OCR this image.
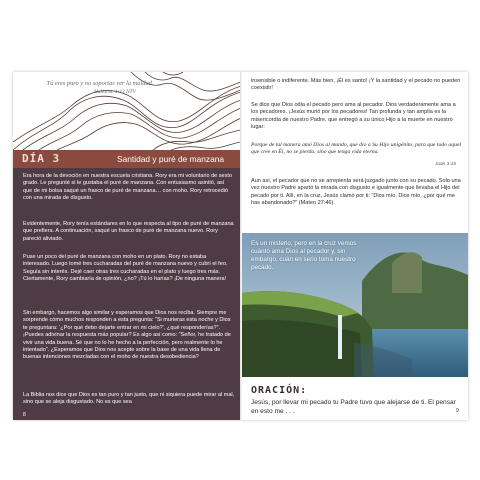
Tú eres puro y no soportas ver la maldad.
Habacuc 1:13 NTV
DÍA 3	Santidad y puré de manzana

Era hora de la devoción en nuestra escuela cristiana. Rory era mi voluntario de sexto grado. Le pregunté si le gustaba el puré de manzana. Con entusiasmo asintió, así que de mi bolsa saqué un frasco de puré de manzana… con moho. Rory retrocedió con una mirada de disgusto.

Evidentemente, Rory tenía estándares en lo que respecta al tipo de puré de manzana que prefiera. A continuación, saqué un frasco de puré de manzana nuevo. Rory pareció aliviado.

Puse un poco del puré de manzana con moho en un plato. Rory no estaba interesado. Luego tomé tres cucharadas del puré de manzana nuevo y cubrí el feo. Seguía sin interés. Dejé caer otras tres cucharadas en el plato y luego tres más. Ciertamente, Rory cambiaría de opinión, ¿no? ¡Tú lo harías? ¡De ninguna manera!

Sin embargo, hacemos algo similar y esperamos que Dios nos reciba. Siempre me sorprende cómo muchos responden a esta pregunta: “Si murieras esta noche y Dios te preguntara: ‘¿Por qué debo dejarte entrar en mi cielo?’, ¿qué responderías?”. ¡Puedes adivinar la respuesta más popular? Es algo así como: “Señor, he tratado de vivir una vida buena. Sé que no lo he hecho a la perfección, pero realmente lo he intentado”. ¿Esperamos que Dios nos acepte sobre la base de una vida llena de buenas intenciones mezcladas con el moho de nuestra desobediencia?

La Biblia nos dice que Dios es tan puro y tan justo, que ni siquiera puede mirar al mal, sino que se aleja disgustado. No es que sea

8

insensible o indiferente. Más bien, ¡Él es santo! ¡Y la santidad y el pecado no pueden coexistir!

Se dice que Dios odia el pecado pero ama al pecador. Dios verdaderamente ama a los pecadores. ¡Jesús murió por los pecadores! Tan profunda y tan amplia es la misericordia de nuestro Padre, que entregó a su único Hijo a la muerte en nuestro lugar:

Porque de tal manera amó Dios al mundo, que dio a Su Hijo unigénito, para que todo aquel que cree en Él, no se pierda, sino que tenga vida eterna.

Juan 3:16

Aun así, el pecador que no se arrepienta será juzgado junto con su pecado. Solo una vez nuestro Padre apartó la mirada con disgusto e igualmente que llevaba el Hijo del pecado por ti. Allí, en la cruz, Jesús clamó por ti: “Dios mío, Dios mío, ¿por qué me has abandonado?” (Mateo 27:46).

Es un misterio, pero en la cruz vemos cuánto ama Dios al pecador y, sin embargo, cuán en serio toma nuestro pecado.
ORACIÓN:
Jesús, por llevar mi pecado tu Padre tuvo que alejarse de ti. El pensar en esto me . . .	9
